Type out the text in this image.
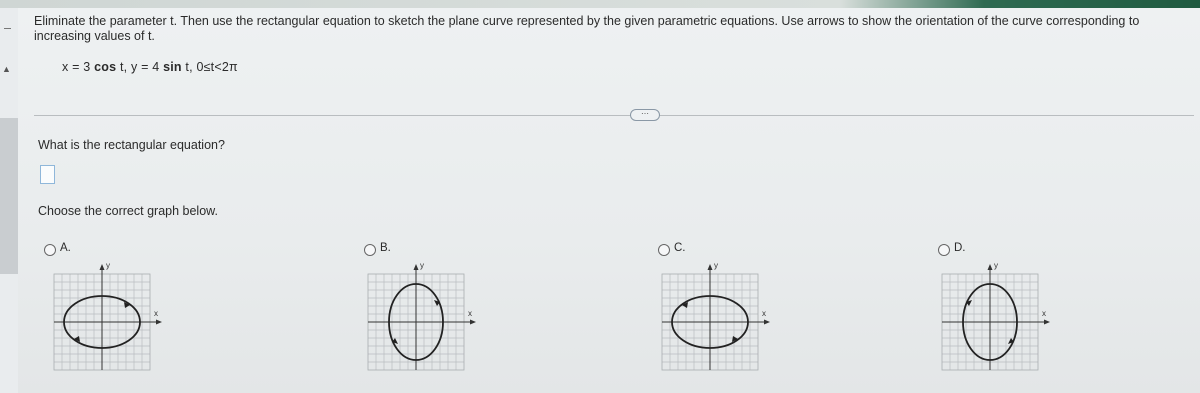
▲
Eliminate the parameter t. Then use the rectangular equation to sketch the plane curve represented by the given parametric equations. Use arrows to show the orientation of the curve corresponding to increasing values of t.
x = 3 cos t, y = 4 sin t, 0≤t<2π
⋯
What is the rectangular equation?
Choose the correct graph below.
A.
y
x
B.
y
x
C.
y
x
D.
y
x
